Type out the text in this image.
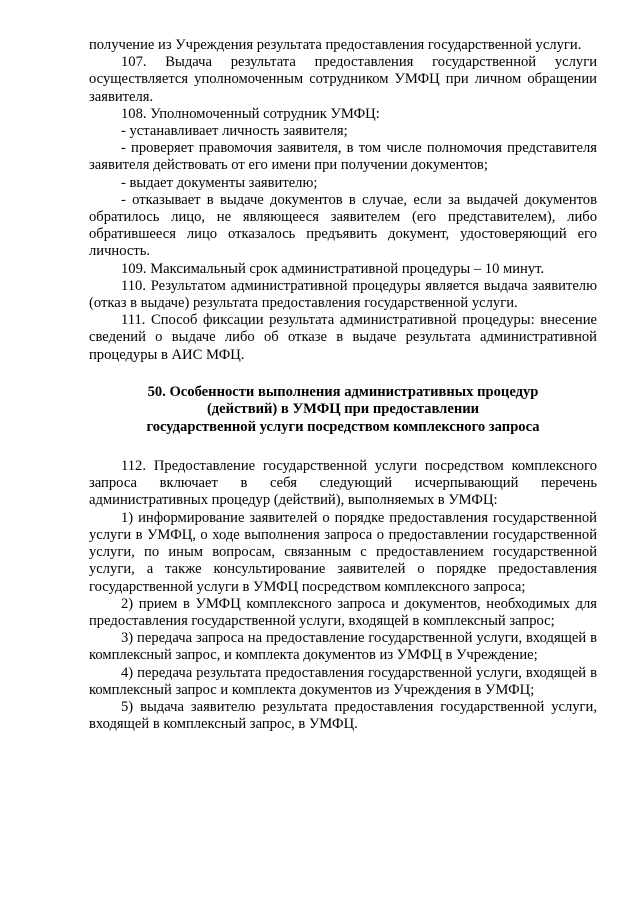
получение из Учреждения результата предоставления государственной услуги.

107. Выдача результата предоставления государственной услуги осуществляется уполномоченным сотрудником УМФЦ при личном обращении заявителя.

108. Уполномоченный сотрудник УМФЦ:

- устанавливает личность заявителя;

- проверяет правомочия заявителя, в том числе полномочия представителя заявителя действовать от его имени при получении документов;

- выдает документы заявителю;

- отказывает в выдаче документов в случае, если за выдачей документов обратилось лицо, не являющееся заявителем (его представителем), либо обратившееся лицо отказалось предъявить документ, удостоверяющий его личность.

109. Максимальный срок административной процедуры – 10 минут.

110. Результатом административной процедуры является выдача заявителю (отказ в выдаче) результата предоставления государственной услуги.

111. Способ фиксации результата административной процедуры: внесение сведений о выдаче либо об отказе в выдаче результата административной процедуры в АИС МФЦ.

50. Особенности выполнения административных процедур

(действий) в УМФЦ при предоставлении

государственной услуги посредством комплексного запроса

112. Предоставление государственной услуги посредством комплексного запроса включает в себя следующий исчерпывающий перечень административных процедур (действий), выполняемых в УМФЦ:

1) информирование заявителей о порядке предоставления государственной услуги в УМФЦ, о ходе выполнения запроса о предоставлении государственной услуги, по иным вопросам, связанным с предоставлением государственной услуги, а также консультирование заявителей о порядке предоставления государственной услуги в УМФЦ посредством комплексного запроса;

2) прием в УМФЦ комплексного запроса и документов, необходимых для предоставления государственной услуги, входящей в комплексный запрос;

3) передача запроса на предоставление государственной услуги, входящей в комплексный запрос, и комплекта документов из УМФЦ в Учреждение;

4) передача результата предоставления государственной услуги, входящей в комплексный запрос и комплекта документов из Учреждения в УМФЦ;

5) выдача заявителю результата предоставления государственной услуги, входящей в комплексный запрос, в УМФЦ.
